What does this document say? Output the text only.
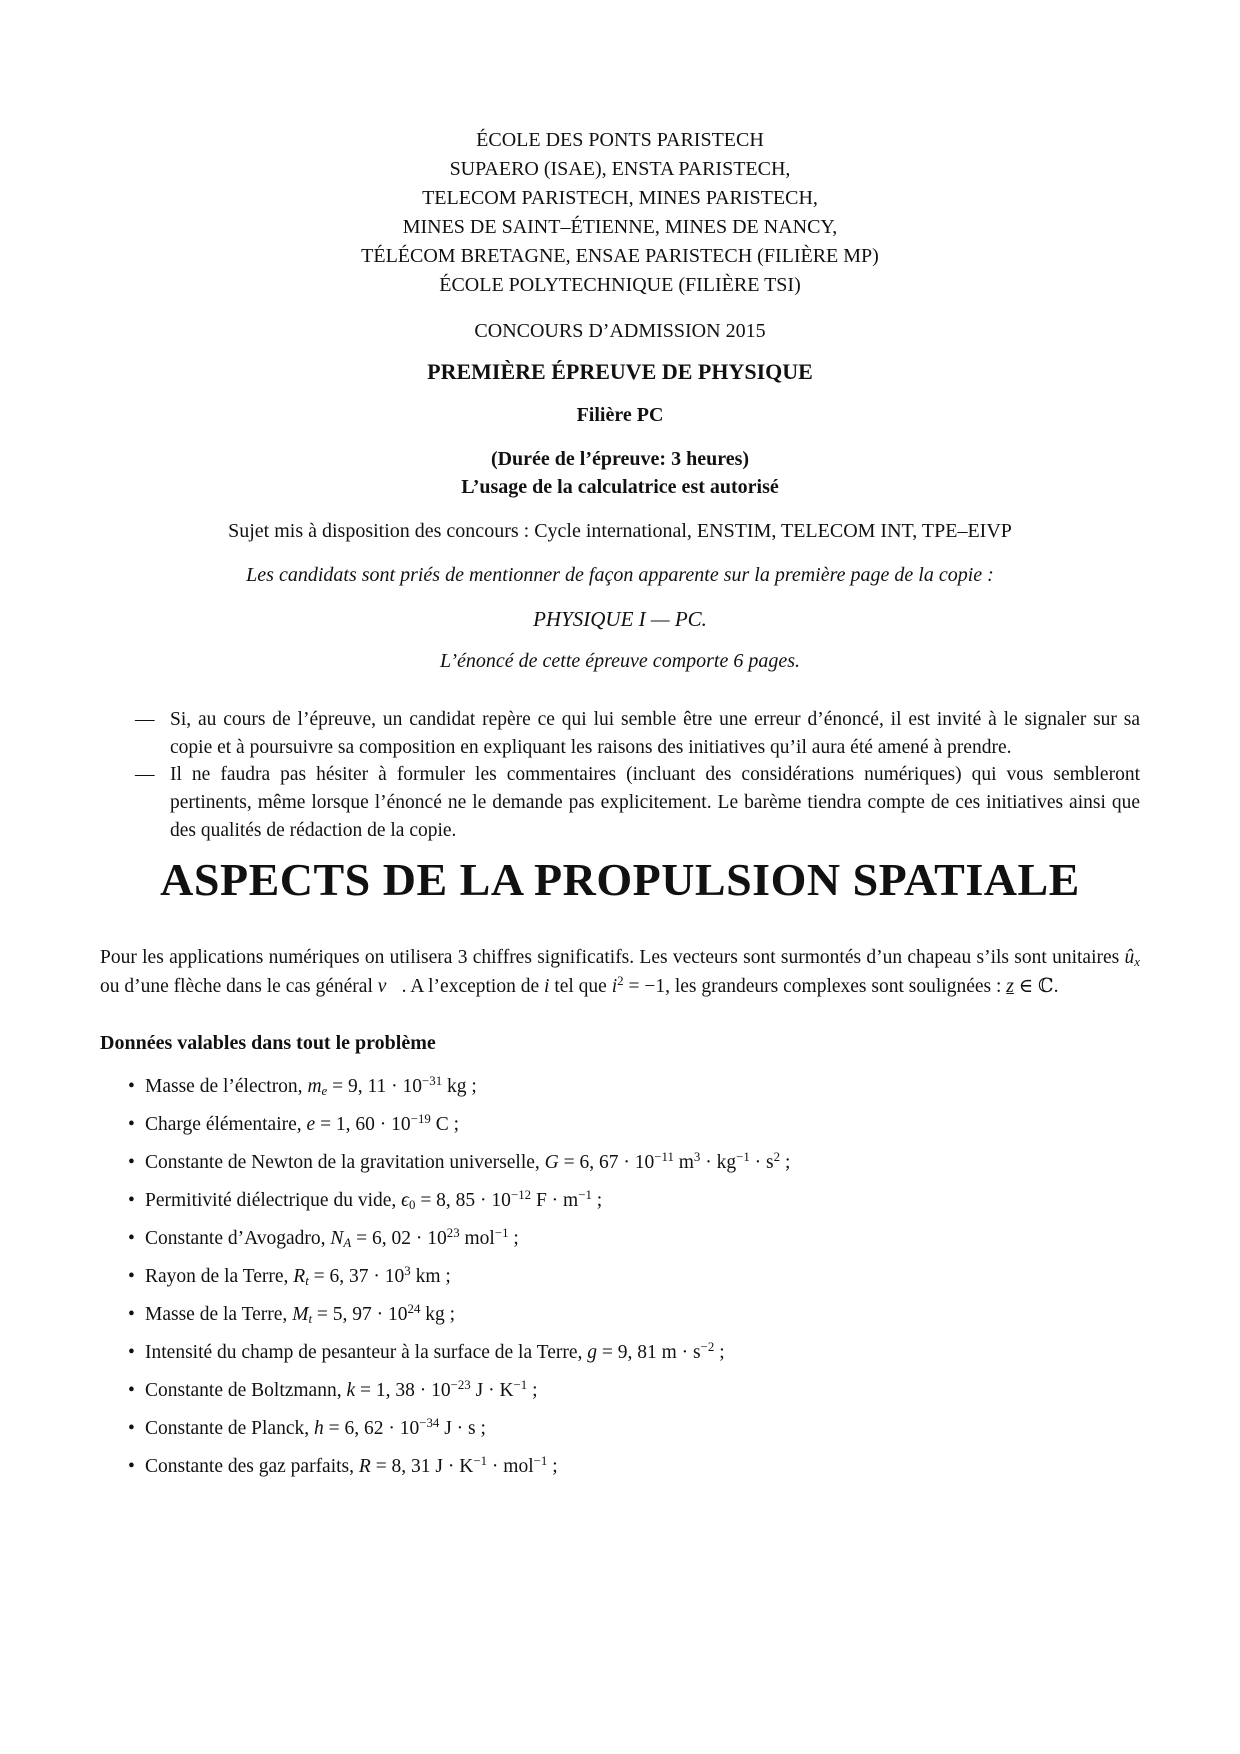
ÉCOLE DES PONTS PARISTECH
SUPAERO (ISAE), ENSTA PARISTECH,
TELECOM PARISTECH, MINES PARISTECH,
MINES DE SAINT–ÉTIENNE, MINES DE NANCY,
TÉLÉCOM BRETAGNE, ENSAE PARISTECH (FILIÈRE MP)
ÉCOLE POLYTECHNIQUE (FILIÈRE TSI)
CONCOURS D’ADMISSION 2015
PREMIÈRE ÉPREUVE DE PHYSIQUE
Filière PC
(Durée de l’épreuve: 3 heures)
L’usage de la calculatrice est autorisé
Sujet mis à disposition des concours : Cycle international, ENSTIM, TELECOM INT, TPE–EIVP
Les candidats sont priés de mentionner de façon apparente sur la première page de la copie :
PHYSIQUE I — PC.
L’énoncé de cette épreuve comporte 6 pages.
— Si, au cours de l’épreuve, un candidat repère ce qui lui semble être une erreur d’énoncé, il est invité à le signaler sur sa copie et à poursuivre sa composition en expliquant les raisons des initiatives qu’il aura été amené à prendre.
— Il ne faudra pas hésiter à formuler les commentaires (incluant des considérations numériques) qui vous sembleront pertinents, même lorsque l’énoncé ne le demande pas explicitement. Le barème tiendra compte de ces initiatives ainsi que des qualités de rédaction de la copie.
ASPECTS DE LA PROPULSION SPATIALE
Pour les applications numériques on utilisera 3 chiffres significatifs. Les vecteurs sont surmontés d’un chapeau s’ils sont unitaires $û_x$ ou d’une flèche dans le cas général v⃗. A l’exception de i tel que $i^2 = -1$, les grandeurs complexes sont soulignées : z ∈ ℂ.
Données valables dans tout le problème
• Masse de l’électron, $m_e = 9$, $11 \cdot 10^{-31}$ kg ;
• Charge élémentaire, e = 1, $60 \cdot 10^{-19}$ C ;
• Constante de Newton de la gravitation universelle, G = 6, $67 \cdot 10^{-11}$ $m^3 \cdot kg^{-1} \cdot s^2$ ;
• Permitivité diélectrique du vide, $\epsilon_0 = 8$, $85 \cdot 10^{-12}$ $F \cdot m^{-1}$ ;
• Constante d’Avogadro, $N_A = 6$, $02 \cdot 10^{23}$ mol$^{-1}$ ;
• Rayon de la Terre, $R_t = 6$, $37 \cdot 10^3$ km ;
• Masse de la Terre, $M_t = 5$, $97 \cdot 10^{24}$ kg ;
• Intensité du champ de pesanteur à la surface de la Terre, g = 9, 81 $m \cdot s^{-2}$ ;
• Constante de Boltzmann, k = 1, $38 \cdot 10^{-23}$ $J \cdot K^{-1}$ ;
• Constante de Planck, h = 6, $62 \cdot 10^{-34}$ J · s ;
• Constante des gaz parfaits, R = 8, 31 $J \cdot K^{-1} \cdot mol^{-1}$ ;
